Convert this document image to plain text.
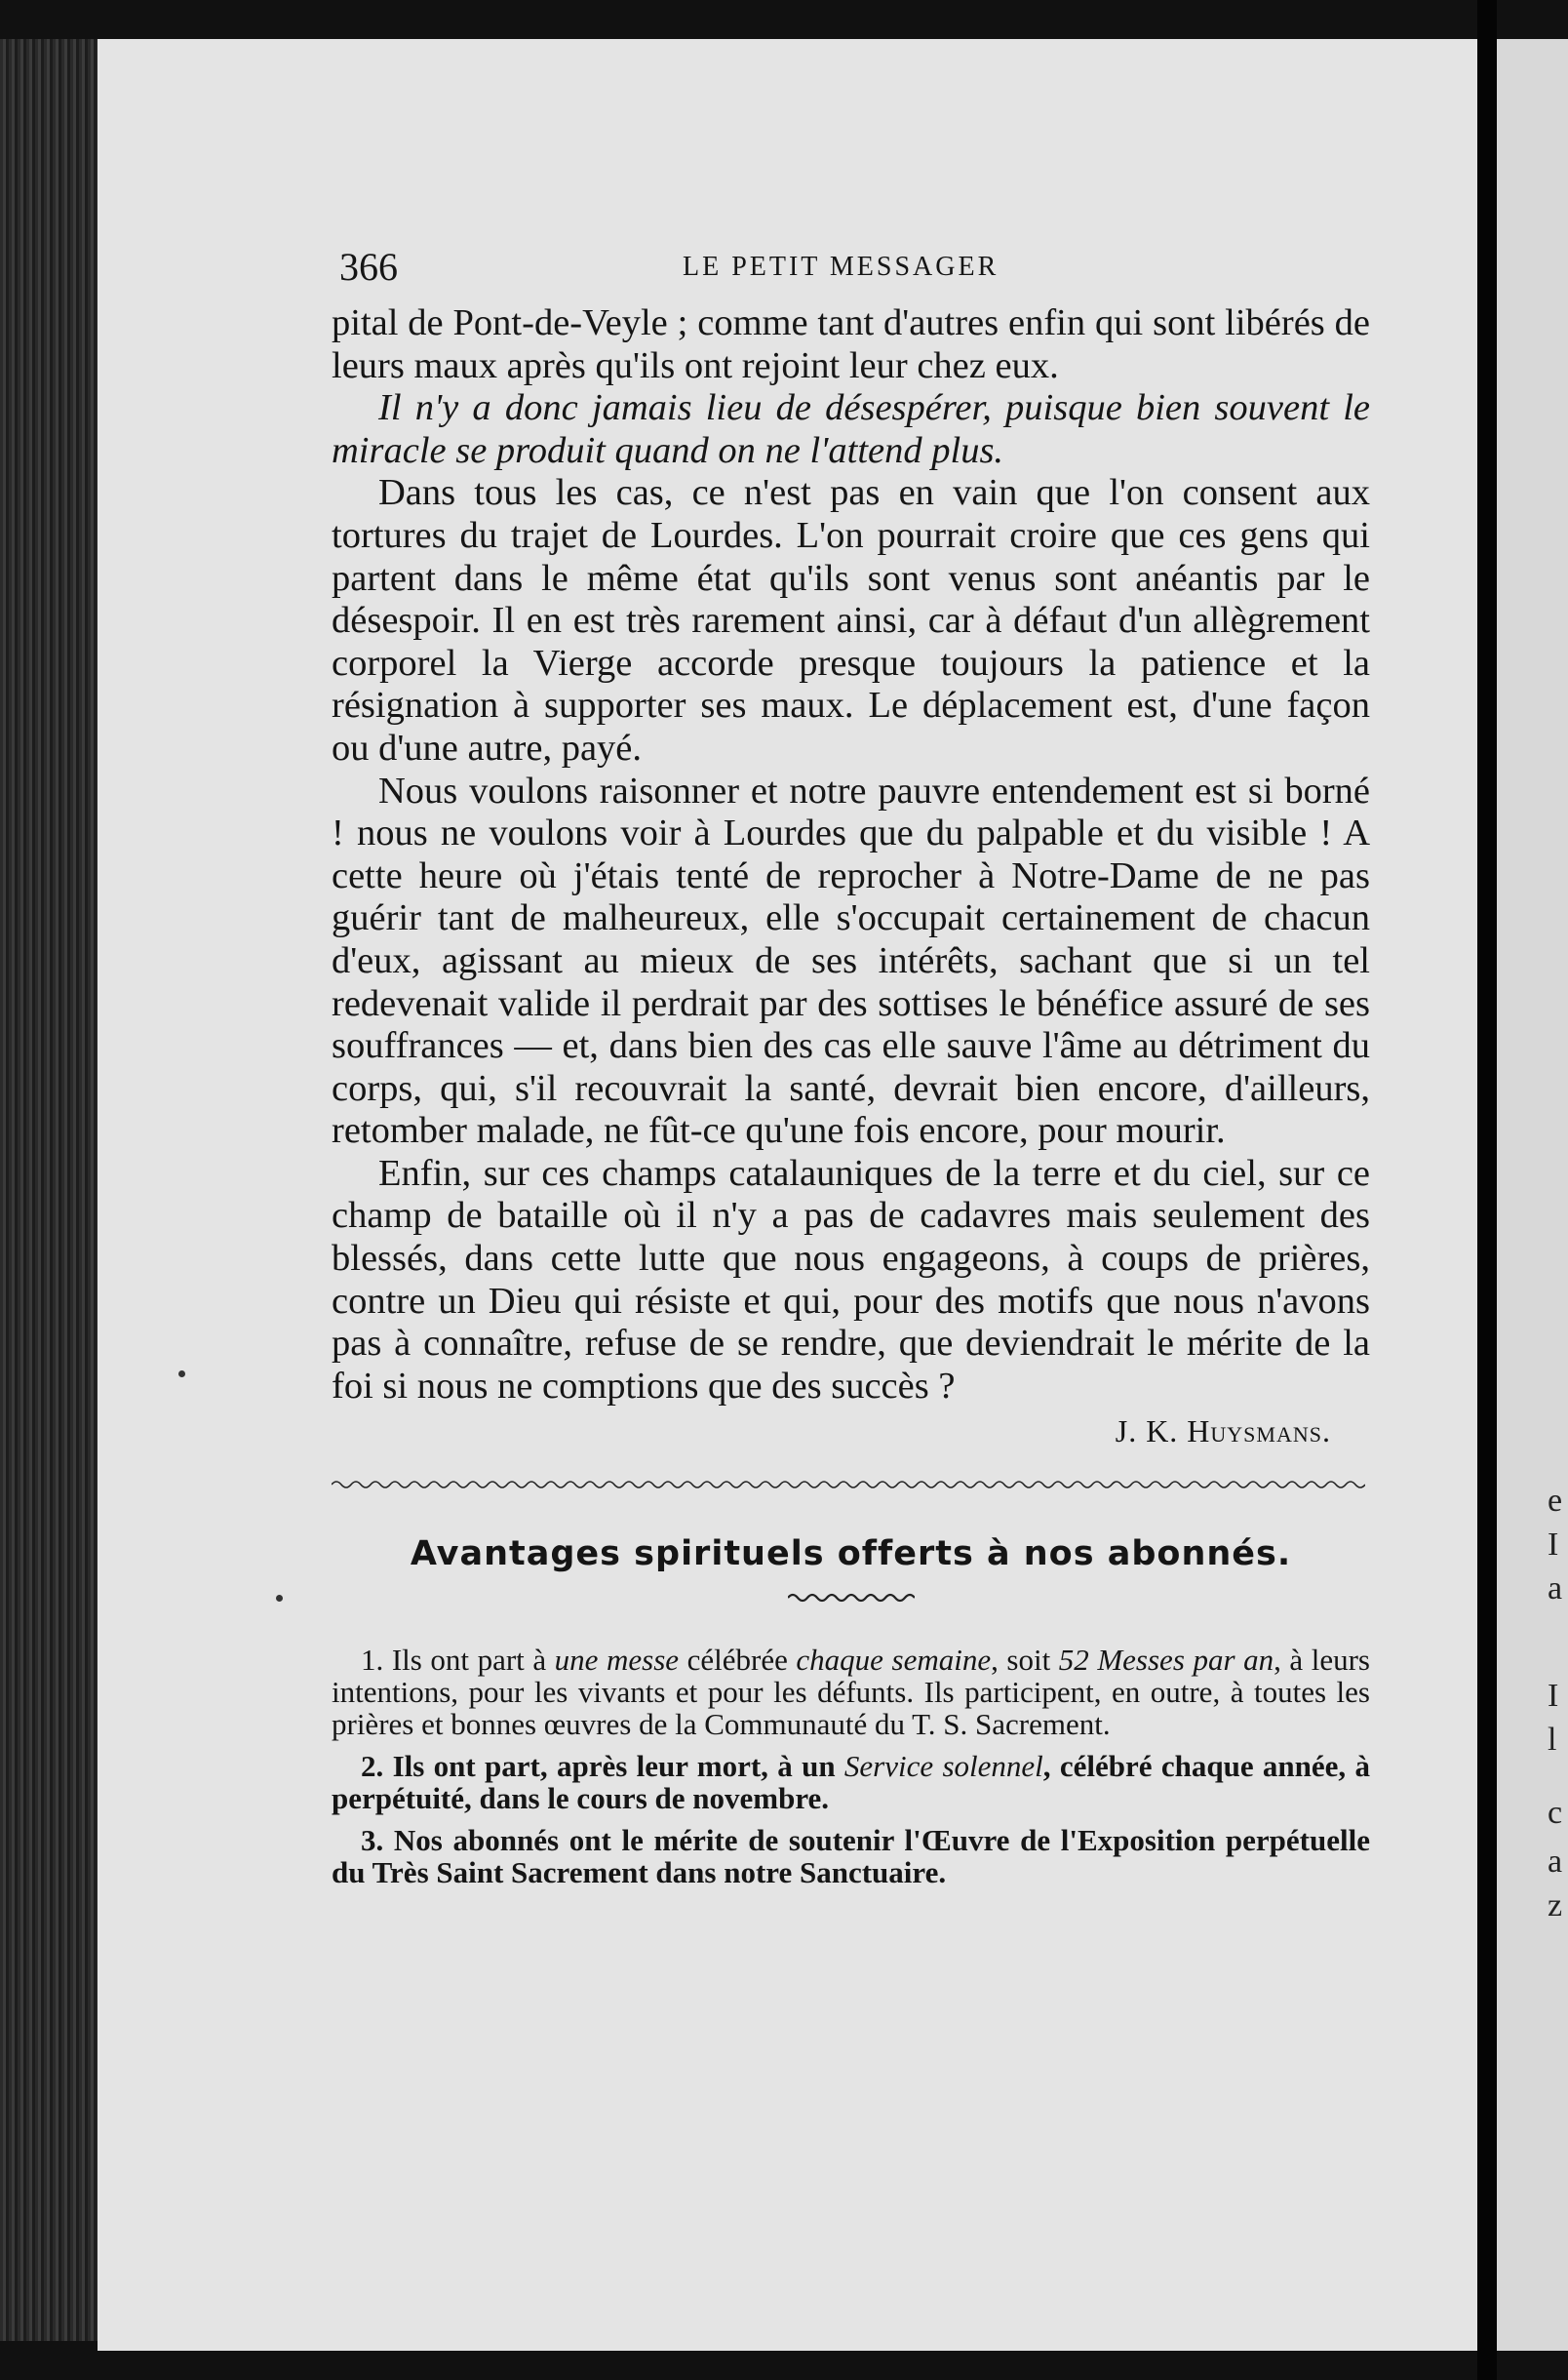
e
I
a
I
l
c
a
z
366	LE PETIT MESSAGER

pital de Pont-de-Veyle ; comme tant d'autres enfin qui sont libérés de leurs maux après qu'ils ont rejoint leur chez eux.

Il n'y a donc jamais lieu de désespérer, puisque bien souvent le miracle se produit quand on ne l'attend plus.

Dans tous les cas, ce n'est pas en vain que l'on consent aux tortures du trajet de Lourdes. L'on pourrait croire que ces gens qui partent dans le même état qu'ils sont venus sont anéantis par le désespoir. Il en est très rarement ainsi, car à défaut d'un allègrement corporel la Vierge accorde presque toujours la patience et la résignation à supporter ses maux. Le déplacement est, d'une façon ou d'une autre, payé.

Nous voulons raisonner et notre pauvre entendement est si borné ! nous ne voulons voir à Lourdes que du palpable et du visible ! A cette heure où j'étais tenté de reprocher à Notre-Dame de ne pas guérir tant de malheureux, elle s'occupait certainement de chacun d'eux, agissant au mieux de ses intérêts, sachant que si un tel redevenait valide il perdrait par des sottises le bénéfice assuré de ses souffrances — et, dans bien des cas elle sauve l'âme au détriment du corps, qui, s'il recouvrait la santé, devrait bien encore, d'ailleurs, retomber malade, ne fût-ce qu'une fois encore, pour mourir.

Enfin, sur ces champs catalauniques de la terre et du ciel, sur ce champ de bataille où il n'y a pas de cadavres mais seulement des blessés, dans cette lutte que nous engageons, à coups de prières, contre un Dieu qui résiste et qui, pour des motifs que nous n'avons pas à connaître, refuse de se rendre, que deviendrait le mérite de la foi si nous ne comptions que des succès ?

J. K. Huysmans.
Avantages spirituels offerts à nos abonnés.

1. Ils ont part à une messe célébrée chaque semaine, soit 52 Messes par an, à leurs intentions, pour les vivants et pour les défunts. Ils participent, en outre, à toutes les prières et bonnes œuvres de la Communauté du T. S. Sacrement.

2. Ils ont part, après leur mort, à un Service solennel, célébré chaque année, à perpétuité, dans le cours de novembre.

3. Nos abonnés ont le mérite de soutenir l'Œuvre de l'Exposition perpétuelle du Très Saint Sacrement dans notre Sanctuaire.
